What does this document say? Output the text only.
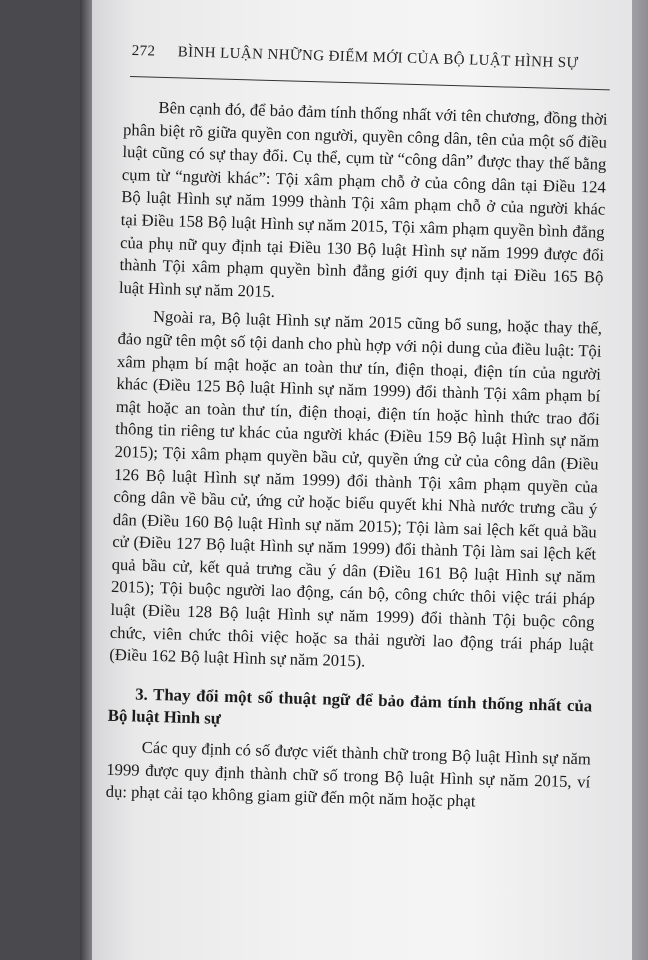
272 BÌNH LUẬN NHỮNG ĐIỂM MỚI CỦA BỘ LUẬT HÌNH SỰ

Bên cạnh đó, để bảo đảm tính thống nhất với tên chương, đồng thời phân biệt rõ giữa quyền con người, quyền công dân, tên của một số điều luật cũng có sự thay đổi. Cụ thể, cụm từ “công dân” được thay thế bằng cụm từ “người khác”: Tội xâm phạm chỗ ở của công dân tại Điều 124 Bộ luật Hình sự năm 1999 thành Tội xâm phạm chỗ ở của người khác tại Điều 158 Bộ luật Hình sự năm 2015, Tội xâm phạm quyền bình đẳng của phụ nữ quy định tại Điều 130 Bộ luật Hình sự năm 1999 được đổi thành Tội xâm phạm quyền bình đẳng giới quy định tại Điều 165 Bộ luật Hình sự năm 2015.

Ngoài ra, Bộ luật Hình sự năm 2015 cũng bổ sung, hoặc thay thế, đảo ngữ tên một số tội danh cho phù hợp với nội dung của điều luật: Tội xâm phạm bí mật hoặc an toàn thư tín, điện thoại, điện tín của người khác (Điều 125 Bộ luật Hình sự năm 1999) đổi thành Tội xâm phạm bí mật hoặc an toàn thư tín, điện thoại, điện tín hoặc hình thức trao đổi thông tin riêng tư khác của người khác (Điều 159 Bộ luật Hình sự năm 2015); Tội xâm phạm quyền bầu cử, quyền ứng cử của công dân (Điều 126 Bộ luật Hình sự năm 1999) đổi thành Tội xâm phạm quyền của công dân về bầu cử, ứng cử hoặc biểu quyết khi Nhà nước trưng cầu ý dân (Điều 160 Bộ luật Hình sự năm 2015); Tội làm sai lệch kết quả bầu cử (Điều 127 Bộ luật Hình sự năm 1999) đổi thành Tội làm sai lệch kết quả bầu cử, kết quả trưng cầu ý dân (Điều 161 Bộ luật Hình sự năm 2015); Tội buộc người lao động, cán bộ, công chức thôi việc trái pháp luật (Điều 128 Bộ luật Hình sự năm 1999) đổi thành Tội buộc công chức, viên chức thôi việc hoặc sa thải người lao động trái pháp luật (Điều 162 Bộ luật Hình sự năm 2015).

3. Thay đổi một số thuật ngữ để bảo đảm tính thống nhất của Bộ luật Hình sự

Các quy định có số được viết thành chữ trong Bộ luật Hình sự năm 1999 được quy định thành chữ số trong Bộ luật Hình sự năm 2015, ví dụ: phạt cải tạo không giam giữ đến một năm hoặc phạt
